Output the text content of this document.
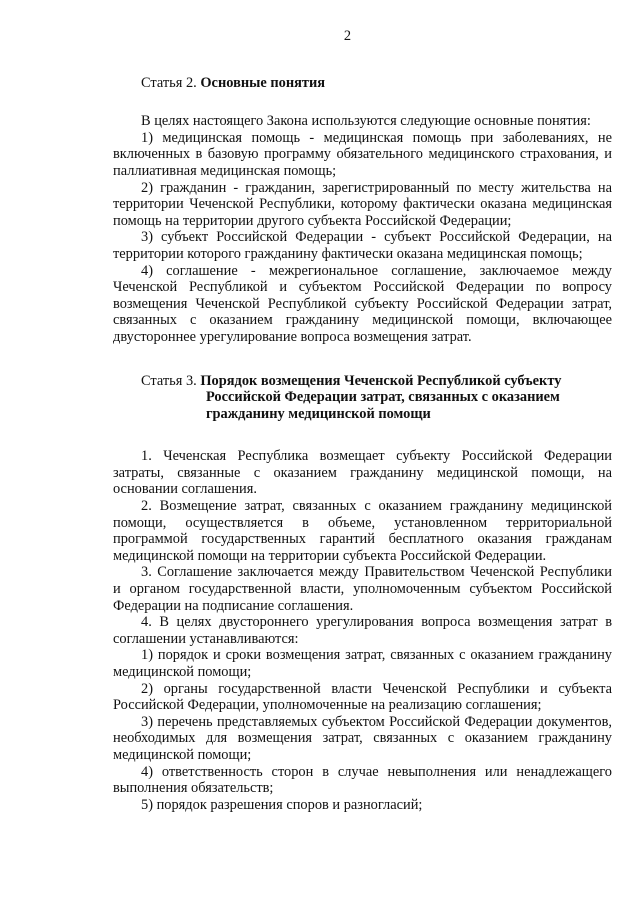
2
Статья 2. Основные понятия

В целях настоящего Закона используются следующие основные понятия:

1) медицинская помощь - медицинская помощь при заболеваниях, не включенных в базовую программу обязательного медицинского страхования, и паллиативная медицинская помощь;

2) гражданин - гражданин, зарегистрированный по месту жительства на территории Чеченской Республики, которому фактически оказана медицинская помощь на территории другого субъекта Российской Федерации;

3) субъект Российской Федерации - субъект Российской Федерации, на территории которого гражданину фактически оказана медицинская помощь;

4) соглашение - межрегиональное соглашение, заключаемое между Чеченской Республикой и субъектом Российской Федерации по вопросу возмещения Чеченской Республикой субъекту Российской Федерации затрат, связанных с оказанием гражданину медицинской помощи, включающее двустороннее урегулирование вопроса возмещения затрат.

Статья 3. Порядок возмещения Чеченской Республикой субъекту
Российской Федерации затрат, связанных с оказанием
гражданину медицинской помощи

1. Чеченская Республика возмещает субъекту Российской Федерации затраты, связанные с оказанием гражданину медицинской помощи, на основании соглашения.

2. Возмещение затрат, связанных с оказанием гражданину медицинской помощи, осуществляется в объеме, установленном территориальной программой государственных гарантий бесплатного оказания гражданам медицинской помощи на территории субъекта Российской Федерации.

3. Соглашение заключается между Правительством Чеченской Республики и органом государственной власти, уполномоченным субъектом Российской Федерации на подписание соглашения.

4. В целях двустороннего урегулирования вопроса возмещения затрат в соглашении устанавливаются:

1) порядок и сроки возмещения затрат, связанных с оказанием гражданину медицинской помощи;

2) органы государственной власти Чеченской Республики и субъекта Российской Федерации, уполномоченные на реализацию соглашения;

3) перечень представляемых субъектом Российской Федерации документов, необходимых для возмещения затрат, связанных с оказанием гражданину медицинской помощи;

4) ответственность сторон в случае невыполнения или ненадлежащего выполнения обязательств;

5) порядок разрешения споров и разногласий;
